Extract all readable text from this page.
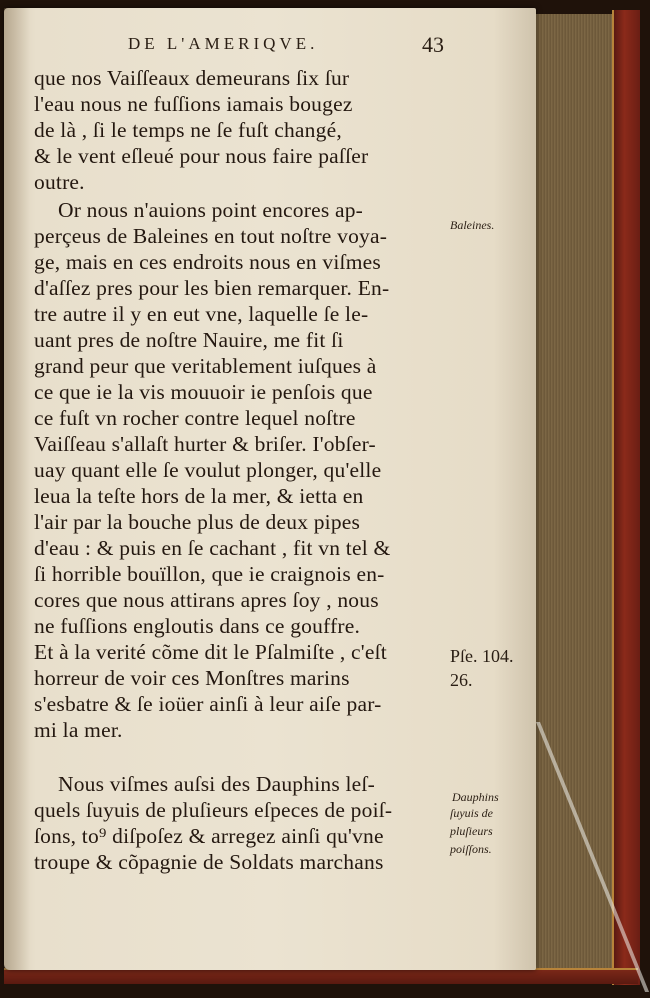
DE L'AMERIQVE.	43
que nos Vaiſſeaux demeurans ſix ſur
l'eau nous ne fuſſions iamais bougez
de là , ſi le temps ne ſe fuſt changé,
& le vent eſleué pour nous faire paſſer
outre.
Or nous n'auions point encores ap-
perçeus de Baleines en tout noſtre voya-
ge, mais en ces endroits nous en viſmes
d'aſſez pres pour les bien remarquer. En-
tre autre il y en eut vne, laquelle ſe le-
uant pres de noſtre Nauire, me fit ſi
grand peur que veritablement iuſques à
ce que ie la vis mouuoir ie penſois que
ce fuſt vn rocher contre lequel noſtre
Vaiſſeau s'allaſt hurter & briſer. I'obſer-
uay quant elle ſe voulut plonger, qu'elle
leua la teſte hors de la mer, & ietta en
l'air par la bouche plus de deux pipes
d'eau : & puis en ſe cachant , fit vn tel &
ſi horrible bouïllon, que ie craignois en-
cores que nous attirans apres ſoy , nous
ne fuſſions engloutis dans ce gouffre.
Et à la verité cõme dit le Pſalmiſte , c'eſt
horreur de voir ces Monſtres marins
s'esbatre & ſe ioüer ainſi à leur aiſe par-
mi la mer.
Nous viſmes auſsi des Dauphins leſ-
quels ſuyuis de pluſieurs eſpeces de poiſ-
ſons, to⁹ diſpoſez & arregez ainſi qu'vne
troupe & cõpagnie de Soldats marchans
Baleines.
Pſe. 104.
26.
Dauphins
ſuyuis de
pluſieurs
poiſſons.
